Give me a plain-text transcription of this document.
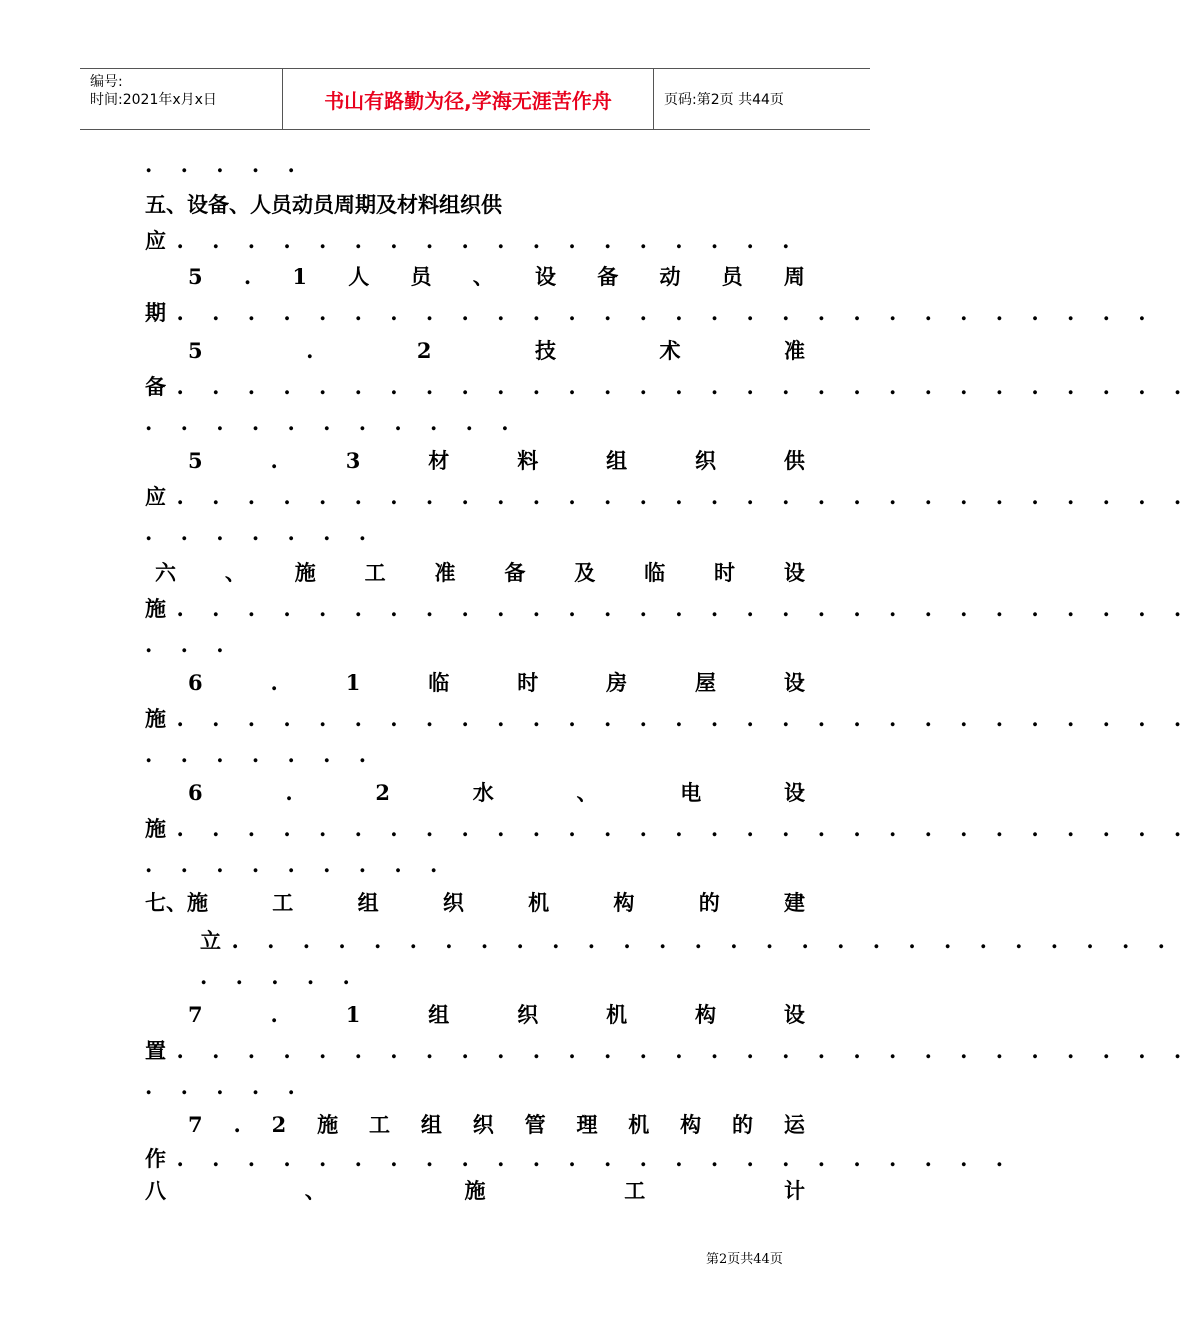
编号:
时间:2021年x月x日	书山有路勤为径,学海无涯苦作舟	页码:第2页 共44页
. . . . .
五、设备、人员动员周期及材料组织供
应. . . . . . . . . . . . . . . . . .
5 . 1 人 员 、 设 备 动 员 周
期. . . . . . . . . . . . . . . . . . . . . . . . . . . .
5	.	2	技	术	准
备. . . . . . . . . . . . . . . . . . . . . . . . . . . . .
. . . . . . . . . . .
5	.	3	材	料	组	织	供
应. . . . . . . . . . . . . . . . . . . . . . . . . . . . .
. . . . . . .
六 、 施 工 准 备 及 临 时 设
施. . . . . . . . . . . . . . . . . . . . . . . . . . . . .
. . .
6	.	1	临	时	房	屋	设
施. . . . . . . . . . . . . . . . . . . . . . . . . . . . .
. . . . . . .
6	.	2	水	、	电	设
施. . . . . . . . . . . . . . . . . . . . . . . . . . . . .
. . . . . . . . .
七、施	工	组	织	机	构	的	建
立. . . . . . . . . . . . . . . . . . . . . . . . . . .
. . . . .
7	.	1	组	织	机	构	设
置. . . . . . . . . . . . . . . . . . . . . . . . . . . . .
. . . . .
7 . 2 施 工 组 织 管 理 机 构 的 运
作. . . . . . . . . . . . . . . . . . . . . . . .
八	、	施	工	计
第2页共44页
